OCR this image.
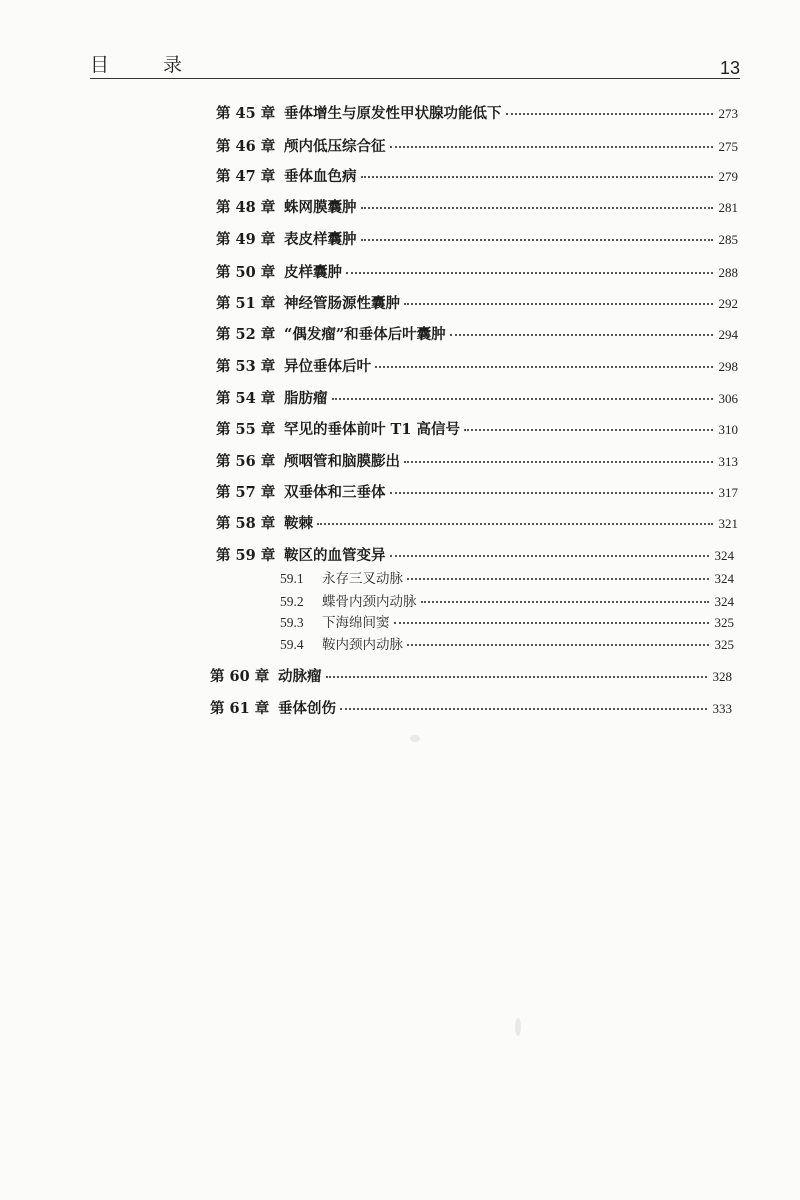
目 录	13
第 45 章 垂体增生与原发性甲状腺功能低下	273
第 46 章 颅内低压综合征	275
第 47 章 垂体血色病	279
第 48 章 蛛网膜囊肿	281
第 49 章 表皮样囊肿	285
第 50 章 皮样囊肿	288
第 51 章 神经管肠源性囊肿	292
第 52 章 “偶发瘤”和垂体后叶囊肿	294
第 53 章 异位垂体后叶	298
第 54 章 脂肪瘤	306
第 55 章 罕见的垂体前叶 T1 高信号	310
第 56 章 颅咽管和脑膜膨出	313
第 57 章 双垂体和三垂体	317
第 58 章 鞍棘	321
第 59 章 鞍区的血管变异	324
59.1	永存三叉动脉	324
59.2	蝶骨内颈内动脉	324
59.3	下海绵间窦	325
59.4	鞍内颈内动脉	325
第 60 章 动脉瘤	328
第 61 章 垂体创伤	333
